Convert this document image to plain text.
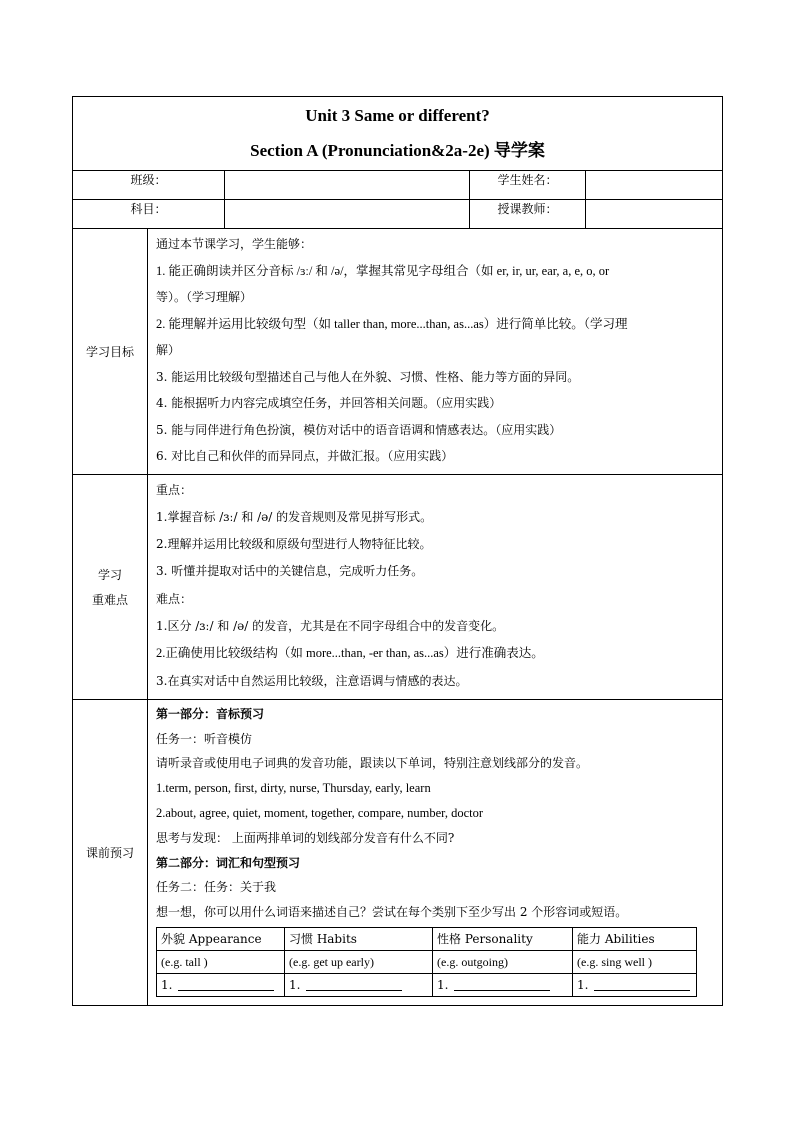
Unit 3 Same or different?
Section A (Pronunciation&2a-2e) 导学案

班级：		学生姓名：	
科目：		授课教师：	
学习目标	

通过本节课学习，学生能够：

1. 能正确朗读并区分音标 /ɜː/ 和 /ə/，掌握其常见字母组合（如 er, ir, ur, ear, a, e, o, or

等）。（学习理解）

2. 能理解并运用比较级句型（如 taller than, more...than, as...as）进行简单比较。（学习理

解）

3. 能运用比较级句型描述自己与他人在外貌、习惯、性格、能力等方面的异同。

4. 能根据听力内容完成填空任务，并回答相关问题。（应用实践）

5. 能与同伴进行角色扮演，模仿对话中的语音语调和情感表达。（应用实践）

6. 对比自己和伙伴的而异同点，并做汇报。（应用实践）

学习
重难点

重点：

1.掌握音标 /ɜː/ 和 /ə/ 的发音规则及常见拼写形式。

2.理解并运用比较级和原级句型进行人物特征比较。

3. 听懂并提取对话中的关键信息，完成听力任务。

难点：

1.区分 /ɜː/ 和 /ə/ 的发音，尤其是在不同字母组合中的发音变化。

2.正确使用比较级结构（如 more...than, -er than, as...as）进行准确表达。

3.在真实对话中自然运用比较级，注意语调与情感的表达。

课前预习	

第一部分：音标预习

任务一：听音模仿

请听录音或使用电子词典的发音功能，跟读以下单词，特别注意划线部分的发音。

1.term, person, first, dirty, nurse, Thursday, early, learn

2.about, agree, quiet, moment, together, compare, number, doctor

思考与发现： 上面两排单词的划线部分发音有什么不同?

第二部分：词汇和句型预习

任务二：任务：关于我

想一想，你可以用什么词语来描述自己？尝试在每个类别下至少写出 2 个形容词或短语。

外貌 Appearance	习惯 Habits	性格 Personality	能力 Abilities
(e.g. tall )	(e.g. get up early)	(e.g. outgoing)	(e.g. sing well )
1.	1.	1.	1.
